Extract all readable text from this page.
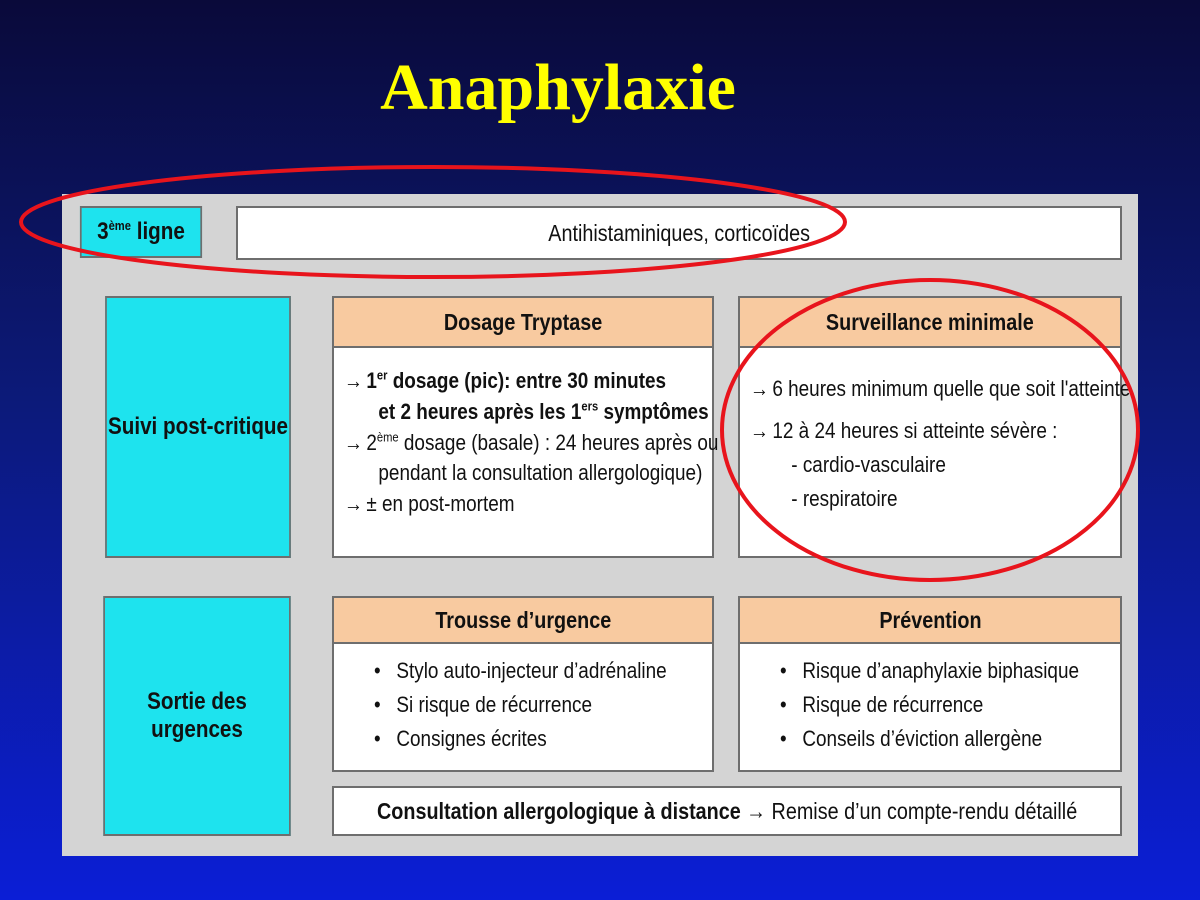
Anaphylaxie
3ème ligne	Antihistaminiques, corticoïdes
Suivi post-critique
Dosage Tryptase
→ 1er dosage (pic): entre 30 minutes
et 2 heures après les 1ers symptômes
→ 2ème dosage (basale) : 24 heures après ou
pendant la consultation allergologique)
→ ± en post-mortem
Surveillance minimale
→ 6 heures minimum quelle que soit l'atteinte
→ 12 à 24 heures si atteinte sévère :
- cardio-vasculaire
- respiratoire
Sortie des urgences
Trousse d’urgence
• Stylo auto-injecteur d’adrénaline
• Si risque de récurrence
• Consignes écrites
Prévention
• Risque d’anaphylaxie biphasique
• Risque de récurrence
• Conseils d’éviction allergène
Consultation allergologique à distance → Remise d’un compte-rendu détaillé
